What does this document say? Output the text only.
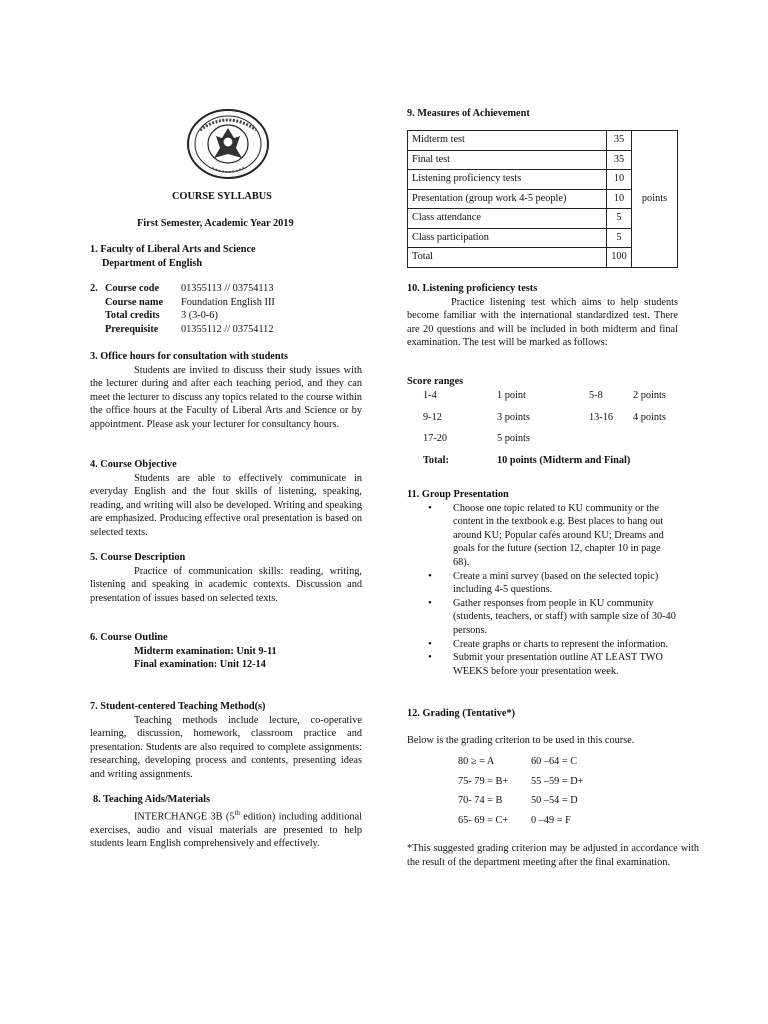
COURSE SYLLABUS
First Semester, Academic Year 2019
1. Faculty of Liberal Arts and Science
Department of English
2. Course code	01355113 // 03754113
Course name	Foundation English III
Total credits	3 (3-0-6)
Prerequisite	01355112 // 03754112

3. Office hours for consultation with students

Students are invited to discuss their study issues with the lecturer during and after each teaching period, and they can meet the lecturer to discuss any topics related to the course within the office hours at the Faculty of Liberal Arts and Science or by appointment. Please ask your lecturer for consultancy hours.

4. Course Objective

Students are able to effectively communicate in everyday English and the four skills of listening, speaking, reading, and writing will also be developed. Writing and speaking are emphasized. Producing effective oral presentation is based on selected texts.

5. Course Description

Practice of communication skills: reading, writing, listening and speaking in academic contexts. Discussion and presentation of issues based on selected texts.

6. Course Outline

Midterm examination: Unit 9-11

Final examination: Unit 12-14

7. Student-centered Teaching Method(s)

Teaching methods include lecture, co-operative learning, discussion, homework, classroom practice and presentation. Students are also required to complete assignments: researching, developing process and contents, presenting ideas and writing assignments.

8. Teaching Aids/Materials

INTERCHANGE 3B (5th edition) including additional exercises, audio and visual materials are presented to help students learn English comprehensively and effectively.

9. Measures of Achievement
Midterm test	35	points
Final test	35	
Listening proficiency tests	10	
Presentation (group work 4-5 people)	10	
Class attendance	5	
Class participation	5	
Total	100	

10. Listening proficiency tests

Practice listening test which aims to help students become familiar with the international standardized test. There are 20 questions and will be included in both midterm and final examination. The test will be marked as follows:

Score ranges
1-4	1 point	5-8	2 points
9-12	3 points	13-16	4 points
17-20	5 points
Total:	10 points (Midterm and Final)

11. Group Presentation

• Choose one topic related to KU community or the content in the textbook e.g. Best places to hang out around KU; Popular cafés around KU; Dreams and goals for the future (section 12, chapter 10 in page 68).
• Create a mini survey (based on the selected topic) including 4-5 questions.
• Gather responses from people in KU community (students, teachers, or staff) with sample size of 30-40 persons.
• Create graphs or charts to represent the information.
• Submit your presentation outline AT LEAST TWO WEEKS before your presentation week.
12. Grading (Tentative*)
Below is the grading criterion to be used in this course.
80 ≥ = A	60 –64 = C
75- 79 = B+	55 –59 = D+
70- 74 = B	50 –54 = D
65- 69 = C+	0 –49 = F
*This suggested grading criterion may be adjusted in accordance with the result of the department meeting after the final examination.
